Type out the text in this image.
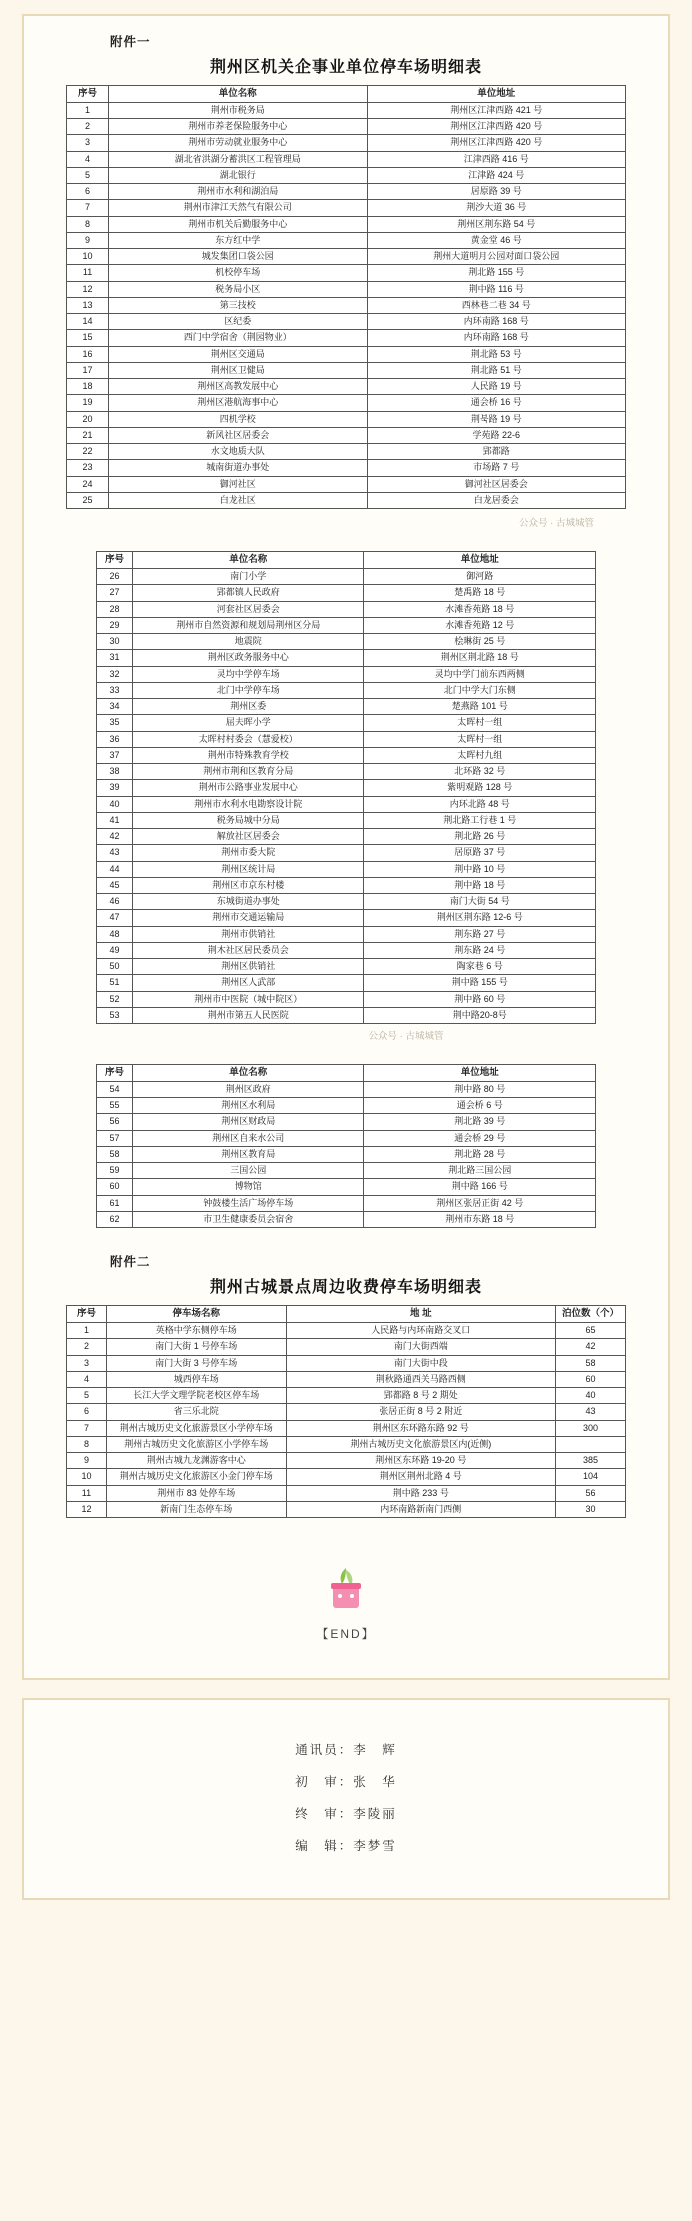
附件一
荆州区机关企事业单位停车场明细表
序号	单位名称	单位地址
1	荆州市税务局	荆州区江津西路 421 号
2	荆州市养老保险服务中心	荆州区江津西路 420 号
3	荆州市劳动就业服务中心	荆州区江津西路 420 号
4	湖北省洪湖分蓄洪区工程管理局	江津西路 416 号
5	湖北银行	江津路 424 号
6	荆州市水利和湖泊局	居原路 39 号
7	荆州市津江天然气有限公司	荆沙大道 36 号
8	荆州市机关后勤服务中心	荆州区荆东路 54 号
9	东方红中学	黄金堂 46 号
10	城发集团口袋公园	荆州大道明月公园对面口袋公园
11	机校停车场	荆北路 155 号
12	税务局小区	荆中路 116 号
13	第三技校	西林巷二巷 34 号
14	区纪委	内环南路 168 号
15	西门中学宿舍（荆园物业）	内环南路 168 号
16	荆州区交通局	荆北路 53 号
17	荆州区卫健局	荆北路 51 号
18	荆州区高教发展中心	人民路 19 号
19	荆州区港航海事中心	通会桥 16 号
20	四机学校	荆북路 19 号
21	新风社区居委会	学苑路 22-6
22	水文地质大队	郢都路
23	城南街道办事处	市场路 7 号
24	御河社区	御河社区居委会
25	白龙社区	白龙居委会
公众号 · 古城城管
序号	单位名称	单位地址
26	南门小学	御河路
27	郢都镇人民政府	楚禹路 18 号
28	河套社区居委会	水滩香苑路 18 号
29	荆州市自然资源和规划局荆州区分局	水滩香苑路 12 号
30	地震院	桧琳街 25 号
31	荆州区政务服务中心	荆州区荆北路 18 号
32	灵均中学停车场	灵均中学门前东西两侧
33	北门中学停车场	北门中学大门东侧
34	荆州区委	楚燕路 101 号
35	屈夫晖小学	太晖村一组
36	太晖村村委会（慧爱校）	太晖村一组
37	荆州市特殊教育学校	太晖村九组
38	荆州市荆和区教育分局	北环路 32 号
39	荆州市公路事业发展中心	紫明观路 128 号
40	荆州市水利水电勘察设计院	内环北路 48 号
41	税务局城中分局	荆北路工行巷 1 号
42	解放社区居委会	荆北路 26 号
43	荆州市委大院	居原路 37 号
44	荆州区统计局	荆中路 10 号
45	荆州区市京东村楼	荆中路 18 号
46	东城街道办事处	南门大街 54 号
47	荆州市交通运输局	荆州区荆东路 12-6 号
48	荆州市供销社	荆东路 27 号
49	荆木社区居民委员会	荆东路 24 号
50	荆州区供销社	陶家巷 6 号
51	荆州区人武部	荆中路 155 号
52	荆州市中医院（城中院区）	荆中路 60 号
53	荆州市第五人民医院	荆中路20-8号
公众号 · 古城城管
序号	单位名称	单位地址
54	荆州区政府	荆中路 80 号
55	荆州区水利局	通会桥 6 号
56	荆州区财政局	荆北路 39 号
57	荆州区自来水公司	通会桥 29 号
58	荆州区教育局	荆北路 28 号
59	三国公园	荆北路三国公园
60	博物馆	荆中路 166 号
61	钟鼓楼生活广场停车场	荆州区张居正街 42 号
62	市卫生健康委员会宿舍	荆州市东路 18 号
附件二
荆州古城景点周边收费停车场明细表
序号	停车场名称	地 址	泊位数（个）
1	英格中学东侧停车场	人民路与内环南路交叉口	65
2	南门大街 1 号停车场	南门大街西端	42
3	南门大街 3 号停车场	南门大街中段	58
4	城西停车场	荆秋路通西关马路西侧	60
5	长江大学文理学院老校区停车场	郢都路 8 号 2 期处	40
6	省三乐北院	张居正街 8 号 2 附近	43
7	荆州古城历史文化旅游景区小学停车场	荆州区东环路东路 92 号	300
8	荆州古城历史文化旅游区小学停车场	荆州古城历史文化旅游景区内(近侧)	
9	荆州古城九龙渊游客中心	荆州区东环路 19-20 号	385
10	荆州古城历史文化旅游区小金门停车场	荆州区荆州北路 4 号	104
11	荆州市 83 处停车场	荆中路 233 号	56
12	新南门生态停车场	内环南路新南门西侧	30
【END】
通讯员：李　辉
初　审：张　华
终　审：李陵丽
编　辑：李梦雪
